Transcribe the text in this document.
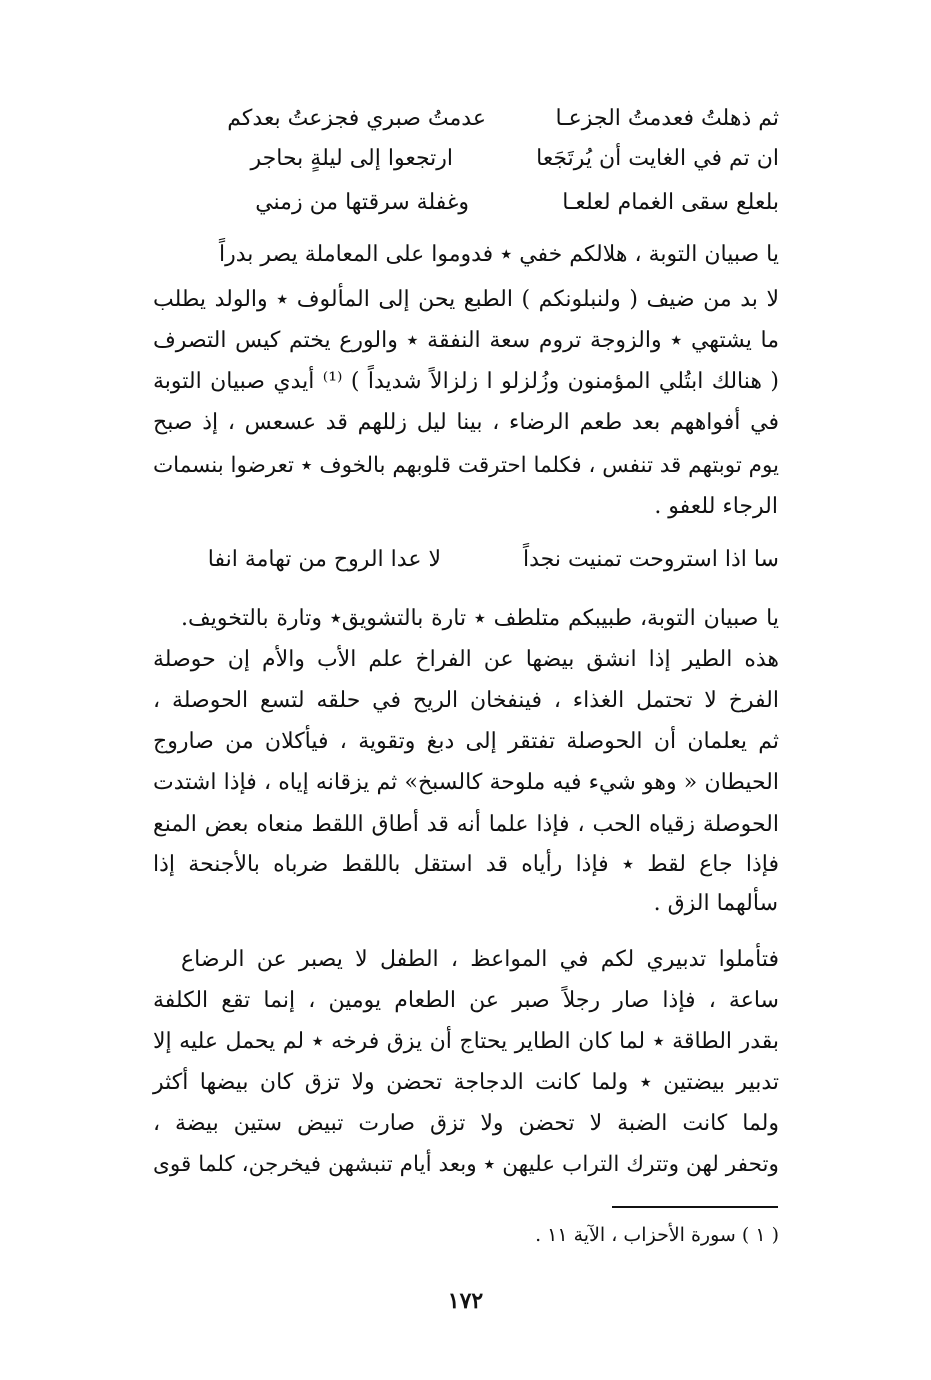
ثم ذهلتُ فعدمتُ الجزعـا
عدمتُ صبري فجزعتُ بعدكم
ان تم في الغايت أن يُرتَجَعا
ارتجعوا إلى ليلةٍ بحاجر
بلعلع سقى الغمام لعلعـا
وغفلة سرقتها من زمني
يا صبيان التوبة ، هلالكم خفي ٭ فدوموا على المعاملة يصر بدراً
لا بد من ضيف ( ولنبلونكم ) الطبع يحن إلى المألوف ٭ والولد يطلب
ما يشتهي ٭ والزوجة تروم سعة النفقة ٭ والورع يختم كيس التصرف
( هنالك ابتُلي المؤمنون وزُلزلو ا زلزالاً شديداً ) ⁽¹⁾ أيدي صبيان التوبة
في أفواههم بعد طعم الرضاء ، بينا ليل زللهم قد عسعس ، إذ صبح
يوم توبتهم قد تنفس ، فكلما احترقت قلوبهم بالخوف ٭ تعرضوا بنسمات
الرجاء للعفو .
سا اذا استروحت تمنيت نجداً
لا عدا الروح من تهامة انفا
يا صبيان التوبة، طبيبكم متلطف ٭ تارة بالتشويق٭ وتارة بالتخويف.
هذه الطير إذا انشق بيضها عن الفراخ علم الأب والأم إن حوصلة
الفرخ لا تحتمل الغذاء ، فينفخان الريح في حلقه لتسع الحوصلة ،
ثم يعلمان أن الحوصلة تفتقر إلى دبغ وتقوية ، فيأكلان من صاروج
الحيطان « وهو شيء فيه ملوحة كالسبخ» ثم يزقانه إياه ، فإذا اشتدت
الحوصلة زقياه الحب ، فإذا علما أنه قد أطاق اللقط منعاه بعض المنع
فإذا جاع لقط ٭ فإذا رأياه قد استقل باللقط ضرباه بالأجنحة إذا
سألهما الزق .
فتأملوا تدبيري لكم في المواعظ ، الطفل لا يصبر عن الرضاع
ساعة ، فإذا صار رجلاً صبر عن الطعام يومين ، إنما تقع الكلفة
بقدر الطاقة ٭ لما كان الطاير يحتاج أن يزق فرخه ٭ لم يحمل عليه إلا
تدبير بيضتين ٭ ولما كانت الدجاجة تحضن ولا تزق كان بيضها أكثر
ولما كانت الضبة لا تحضن ولا تزق صارت تبيض ستين بيضة ،
وتحفر لهن وتترك التراب عليهن ٭ وبعد أيام تنبشهن فيخرجن، كلما قوى
( ١ ) سورة الأحزاب ، الآية ١١ .
١٧٢
